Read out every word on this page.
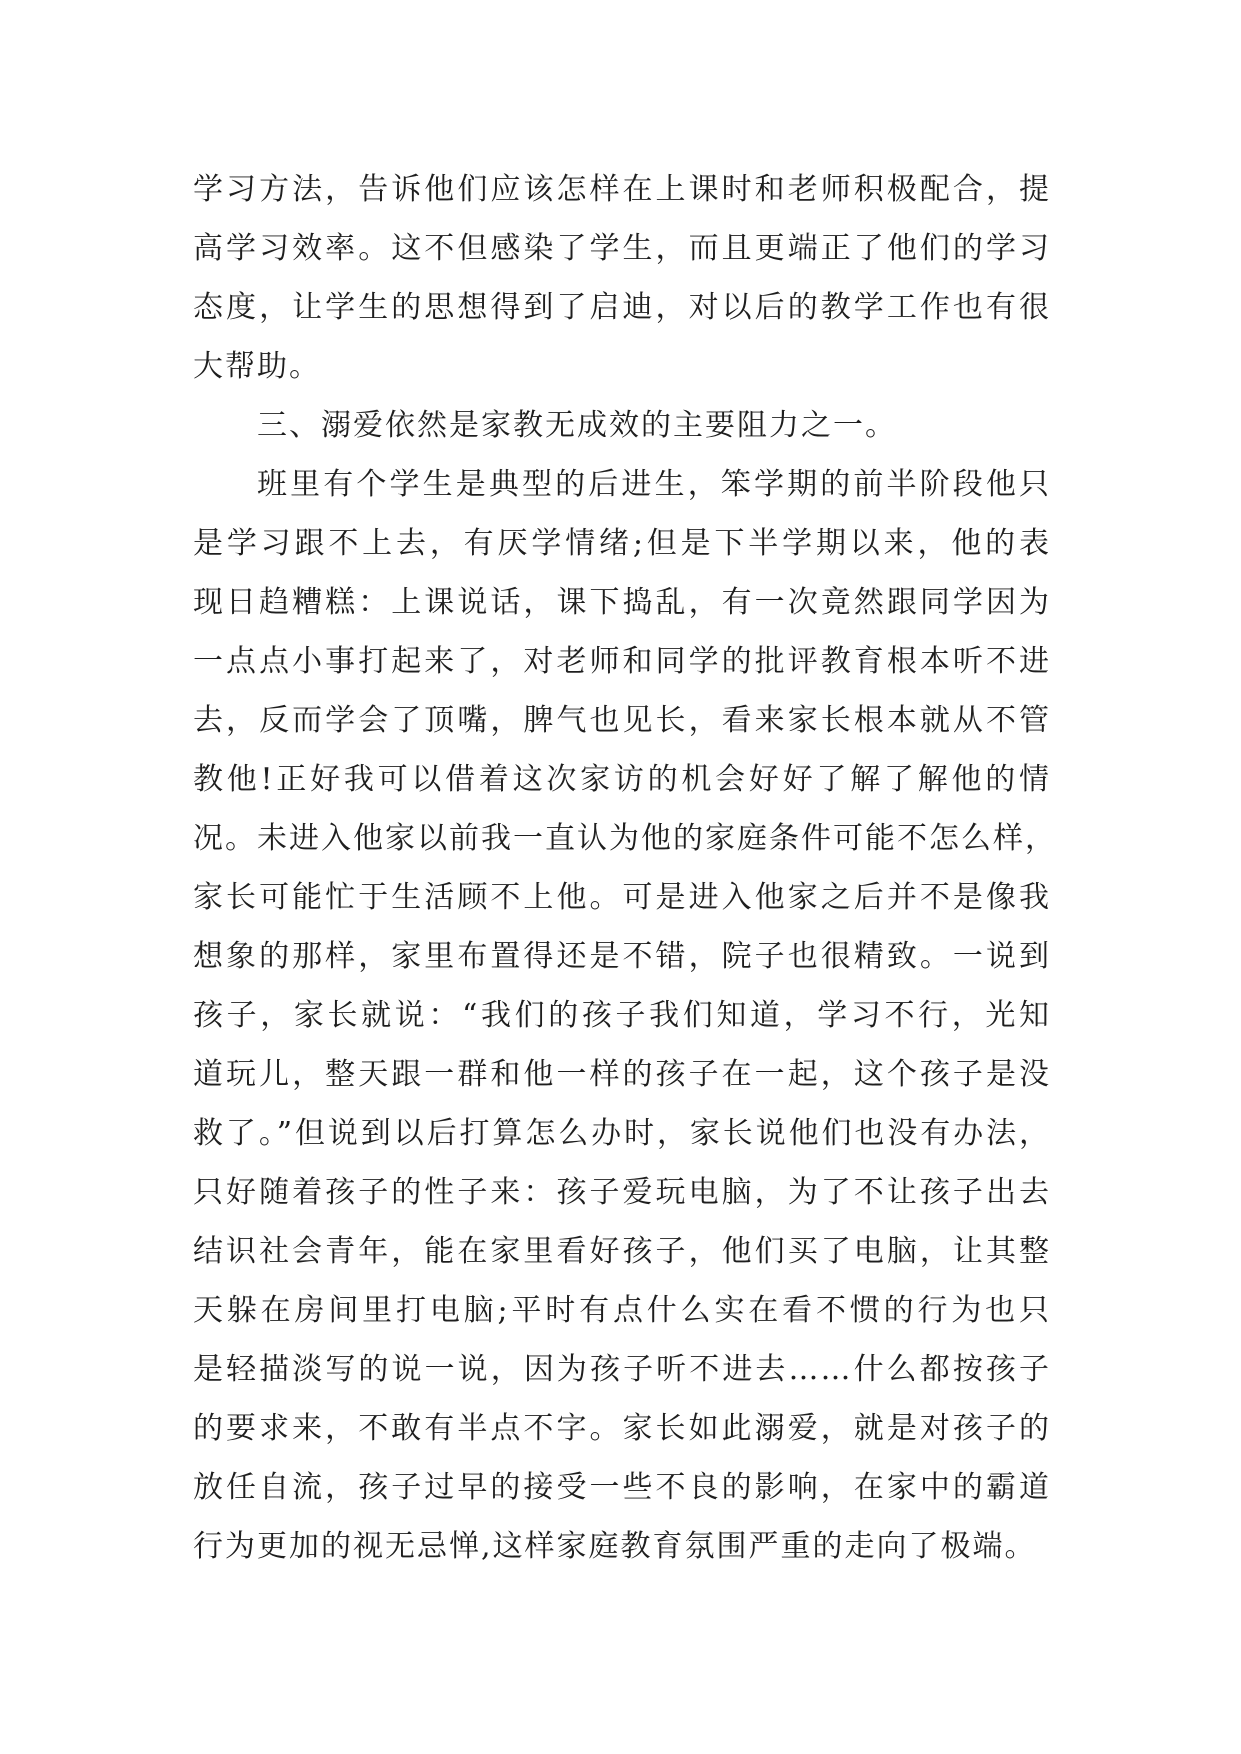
学习方法，告诉他们应该怎样在上课时和老师积极配合，提
高学习效率。这不但感染了学生，而且更端正了他们的学习
态度，让学生的思想得到了启迪，对以后的教学工作也有很
大帮助。
三、溺爱依然是家教无成效的主要阻力之一。
班里有个学生是典型的后进生，笨学期的前半阶段他只
是学习跟不上去，有厌学情绪;但是下半学期以来，他的表
现日趋糟糕：上课说话，课下捣乱，有一次竟然跟同学因为
一点点小事打起来了，对老师和同学的批评教育根本听不进
去，反而学会了顶嘴，脾气也见长，看来家长根本就从不管
教他!正好我可以借着这次家访的机会好好了解了解他的情
况。未进入他家以前我一直认为他的家庭条件可能不怎么样，
家长可能忙于生活顾不上他。可是进入他家之后并不是像我
想象的那样，家里布置得还是不错，院子也很精致。一说到
孩子，家长就说：“我们的孩子我们知道，学习不行，光知
道玩儿，整天跟一群和他一样的孩子在一起，这个孩子是没
救了。”但说到以后打算怎么办时，家长说他们也没有办法，
只好随着孩子的性子来：孩子爱玩电脑，为了不让孩子出去
结识社会青年，能在家里看好孩子，他们买了电脑，让其整
天躲在房间里打电脑;平时有点什么实在看不惯的行为也只
是轻描淡写的说一说，因为孩子听不进去……什么都按孩子
的要求来，不敢有半点不字。家长如此溺爱，就是对孩子的
放任自流，孩子过早的接受一些不良的影响，在家中的霸道
行为更加的视无忌惮,这样家庭教育氛围严重的走向了极端。
